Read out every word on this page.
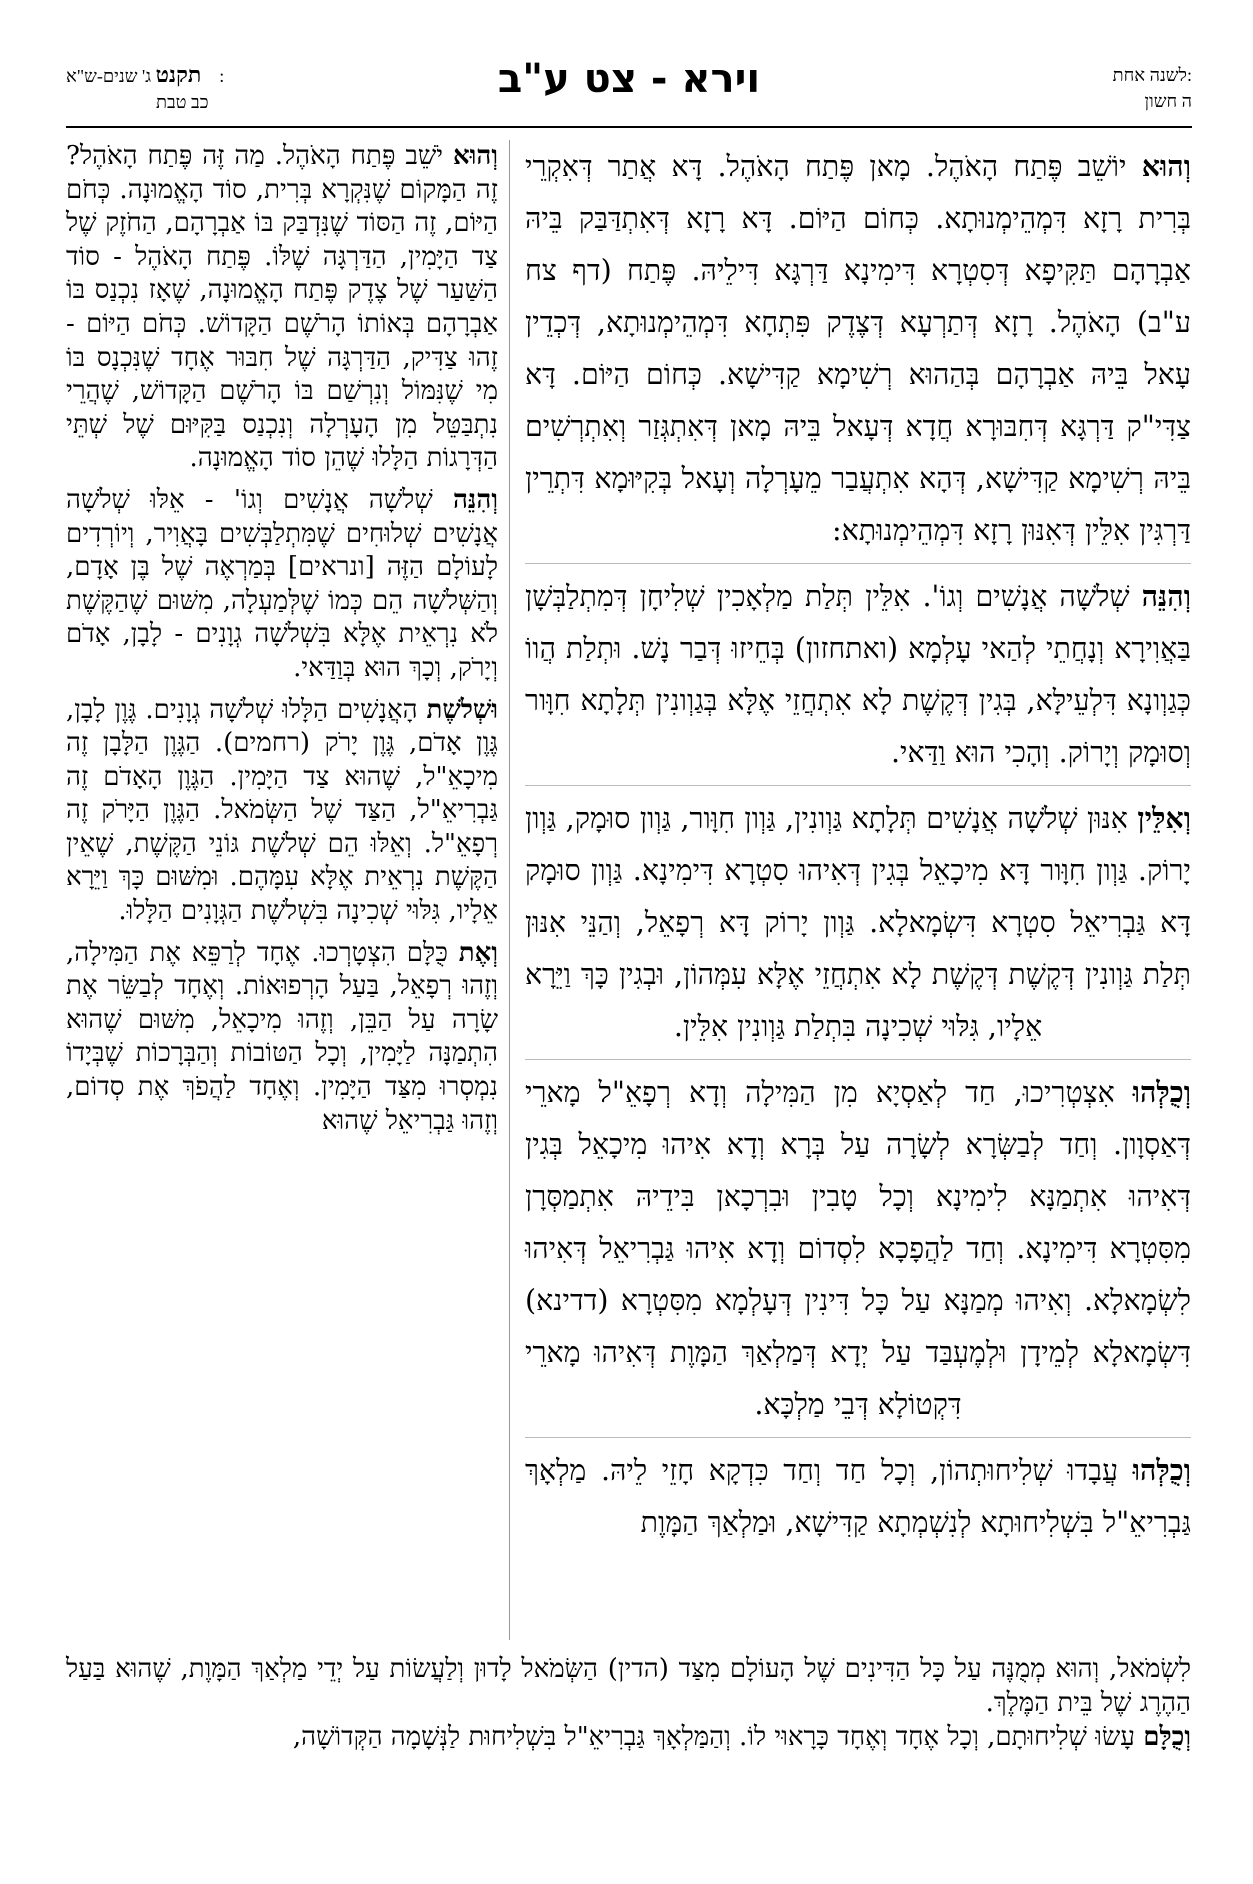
לשנה אחת:
ה חשון
וירא - צט ע"ב
תקנט ג' שנים-ש"א:
כב טבת

וְהוּא יוֹשֵׁב פֶּתַח הָאֹהֶל. מָאן פֶּתַח הָאֹהֶל. דָּא אֲתַר דְּאִקְרֵי בְּרִית רָזָא דִּמְהֵימְנוּתָא. כְּחוֹם הַיּוֹם. דָּא רָזָא דְּאִתְדַּבַּק בֵּיהּ אַבְרָהָם תַּקִּיפָא דְּסִטְרָא דִּימִינָא דַּרְגָּא דִּילֵיהּ. פֶּתַח (דף צח ע"ב) הָאֹהֶל. רָזָא דְּתַרְעָא דְּצֶדֶק פִּתְחָא דִּמְהֵימְנוּתָא, דְּכְדֵין עָאל בֵּיהּ אַבְרָהָם בְּהַהוּא רְשִׁימָא קַדִּישָׁא. כְּחוֹם הַיּוֹם. דָּא צַדִּי"ק דַּרְגָּא דְּחִבּוּרָא חֲדָא דְּעָאל בֵּיהּ מָאן דְּאִתְגְּזַר וְאִתְרְשִׁים בֵּיהּ רְשִׁימָא קַדִּישָׁא, דְּהָא אִתְעֲבַר מֵעָרְלָה וְעָאל בְּקִיּוּמָא דִּתְרֵין דַּרְגִּין אִלֵּין דְּאִנּוּן רָזָא דִּמְהֵימְנוּתָא:

וְהִנֵּה שְׁלֹשָׁה אֲנָשִׁים וְגוֹ'. אִלֵּין תְּלַת מַלְאָכִין שְׁלִיחָן דְּמִתְלַבְּשָׁן בַּאֲוִירָא וְנָחֲתֵי לְהַאי עָלְמָא (ואתחזון) בְּחֵיזוּ דְּבַר נָשׁ. וּתְלַת הֲווֹ כְּגַוְונָא דִּלְעֵילָּא, בְּגִין דְּקֶשֶׁת לָא אִתְחֲזֵי אֶלָּא בְּגַוְונִין תְּלָתָא חִוָּור וְסוּמָק וְיָרוֹק. וְהָכִי הוּא וַדַּאי.

וְאִלֵּין אִנּוּן שְׁלֹשָׁה אֲנָשִׁים תְּלָתָא גַּוְונִין, גַּוְון חִוָּור, גַּוְון סוּמָק, גַּוְון יָרוֹק. גַּוְון חִוָּור דָּא מִיכָאֵל בְּגִין דְּאִיהוּ סִטְרָא דִּימִינָא. גַּוְון סוּמָק דָּא גַּבְרִיאֵל סִטְרָא דִּשְׂמָאלָא. גַּוְון יָרוֹק דָּא רְפָאֵל, וְהַנֵּי אִנּוּן תְּלַת גַּוְונִין דְּקֶשֶׁת דְּקֶשֶׁת לָא אִתְחֲזֵי אֶלָּא עִמְּהוֹן, וּבְגִין כָּךְ וַיֵּרָא אֵלָיו, גִּלּוּי שְׁכִינָה בִּתְלַת גַּוְונִין אִלֵּין.

וְכֻלְּהוּ אִצְטְרִיכוּ, חַד לְאַסְיָא מִן הַמִּילָה וְדָא רְפָאֵ"ל מָארֵי דְּאַסְוָון. וְחַד לְבַשְּׂרָא לְשָׂרָה עַל בְּרָא וְדָא אִיהוּ מִיכָאֵל בְּגִין דְּאִיהוּ אִתְמַנָּא לִימִינָא וְכָל טָבִין וּבִרְכָאן בִּידֵיהּ אִתְמַסְּרָן מִסִּטְרָא דִּימִינָא. וְחַד לַהֲפָכָא לִסְדוֹם וְדָא אִיהוּ גַּבְרִיאֵל דְּאִיהוּ לִשְׂמָאלָא. וְאִיהוּ מְמַנָּא עַל כָּל דִּינִין דְּעָלְמָא מִסִּטְרָא (דדינא) דִּשְׂמָאלָא לְמֵידָן וּלְמֶעְבַּד עַל יְדָא דְּמַלְאַךְ הַמָּוֶת דְּאִיהוּ מָארֵי דִּקְטוֹלָא דְּבֵי מַלְכָּא.

וְכֻלְּהוּ עֲבָדוּ שְׁלִיחוּתְהוֹן, וְכָל חַד וְחַד כִּדְקָא חָזֵי לֵיהּ. מַלְאָךְ גַּבְרִיאֵ"ל בִּשְׁלִיחוּתָא לְנִשְׁמְתָא קַדִּישָׁא, וּמַלְאַךְ הַמָּוֶת

וְהוּא יֹשֵׁב פֶּתַח הָאֹהֶל. מַה זֶּה פֶּתַח הָאֹהֶל? זֶה הַמָּקוֹם שֶׁנִּקְרָא בְּרִית, סוֹד הָאֱמוּנָה. כְּחֹם הַיּוֹם, זֶה הַסּוֹד שֶׁנִּדְבַּק בּוֹ אַבְרָהָם, הַחֹזֶק שֶׁל צַד הַיָּמִין, הַדַּרְגָּה שֶׁלּוֹ. פֶּתַח הָאֹהֶל - סוֹד הַשַּׁעַר שֶׁל צֶדֶק פֶּתַח הָאֱמוּנָה, שֶׁאָז נִכְנַס בּוֹ אַבְרָהָם בְּאוֹתוֹ הָרֹשֶׁם הַקָּדוֹשׁ. כְּחֹם הַיּוֹם - זֶהוּ צַדִּיק, הַדַּרְגָּה שֶׁל חִבּוּר אֶחָד שֶׁנִּכְנָס בּוֹ מִי שֶׁנִּמּוֹל וְנִרְשַׁם בּוֹ הָרֹשֶׁם הַקָּדוֹשׁ, שֶׁהֲרֵי נִתְבַּטֵּל מִן הָעָרְלָה וְנִכְנַס בַּקִּיּוּם שֶׁל שְׁתֵּי הַדְּרָגוֹת הַלָּלוּ שֶׁהֵן סוֹד הָאֱמוּנָה.

וְהִנֵּה שְׁלֹשָׁה אֲנָשִׁים וְגוֹ' - אֵלּוּ שְׁלֹשָׁה אֲנָשִׁים שְׁלוּחִים שֶׁמִּתְלַבְּשִׁים בָּאֲוִיר, וְיוֹרְדִים לָעוֹלָם הַזֶּה [ונראים] בְּמַרְאֶה שֶׁל בֶּן אָדָם, וְהַשְּׁלֹשָׁה הֵם כְּמוֹ שֶׁלְּמַעְלָה, מִשּׁוּם שֶׁהַקֶּשֶׁת לֹא נִרְאֵית אֶלָּא בִּשְׁלֹשָׁה גְוָנִים - לָבָן, אָדֹם וְיָרֹק, וְכָךְ הוּא בְּוַדַּאי.

וּשְׁלֹשֶׁת הָאֲנָשִׁים הַלָּלוּ שְׁלֹשָׁה גְוָנִים. גֶּוֶן לָבָן, גֶּוֶן אָדֹם, גֶּוֶן יָרֹק (רחמים). הַגֶּוֶן הַלָּבָן זֶה מִיכָאֵ"ל, שֶׁהוּא צַד הַיָּמִין. הַגֶּוֶן הָאָדֹם זֶה גַּבְרִיאֵ"ל, הַצַּד שֶׁל הַשְּׂמֹאל. הַגֶּוֶן הַיָּרֹק זֶה רְפָאֵ"ל. וְאֵלּוּ הֵם שְׁלֹשֶׁת גּוֹנֵי הַקֶּשֶׁת, שֶׁאֵין הַקֶּשֶׁת נִרְאֵית אֶלָּא עִמָּהֶם. וּמִשּׁוּם כָּךְ וַיֵּרָא אֵלָיו, גִּלּוּי שְׁכִינָה בִּשְׁלֹשֶׁת הַגְּוָנִים הַלָּלוּ.

וְאֶת כֻּלָּם הִצְטָרְכוּ. אֶחָד לְרַפֵּא אֶת הַמִּילָה, וְזֶהוּ רְפָאֵל, בַּעַל הָרְפוּאוֹת. וְאֶחָד לְבַשֵּׂר אֶת שָׂרָה עַל הַבֵּן, וְזֶהוּ מִיכָאֵל, מִשּׁוּם שֶׁהוּא הִתְמַנָּה לַיָּמִין, וְכָל הַטּוֹבוֹת וְהַבְּרָכוֹת שֶׁבְּיָדוֹ נִמְסְרוּ מִצַּד הַיָּמִין. וְאֶחָד לַהֲפֹךְ אֶת סְדוֹם, וְזֶהוּ גַּבְרִיאֵל שֶׁהוּא

לִשְׂמֹאל, וְהוּא מְמֻנֶּה עַל כָּל הַדִּינִים שֶׁל הָעוֹלָם מִצַּד (הדין) הַשְּׂמֹאל לָדוּן וְלַעֲשׂוֹת עַל יְדֵי מַלְאַךְ הַמָּוֶת, שֶׁהוּא בַּעַל הַהֶרֶג שֶׁל בֵּית הַמֶּלֶךְ.

וְכֻלָּם עָשׂוּ שְׁלִיחוּתָם, וְכָל אֶחָד וְאֶחָד כָּרָאוּי לוֹ. וְהַמַּלְאָךְ גַּבְרִיאֵ"ל בִּשְׁלִיחוּת לַנְּשָׁמָה הַקְּדוֹשָׁה,
